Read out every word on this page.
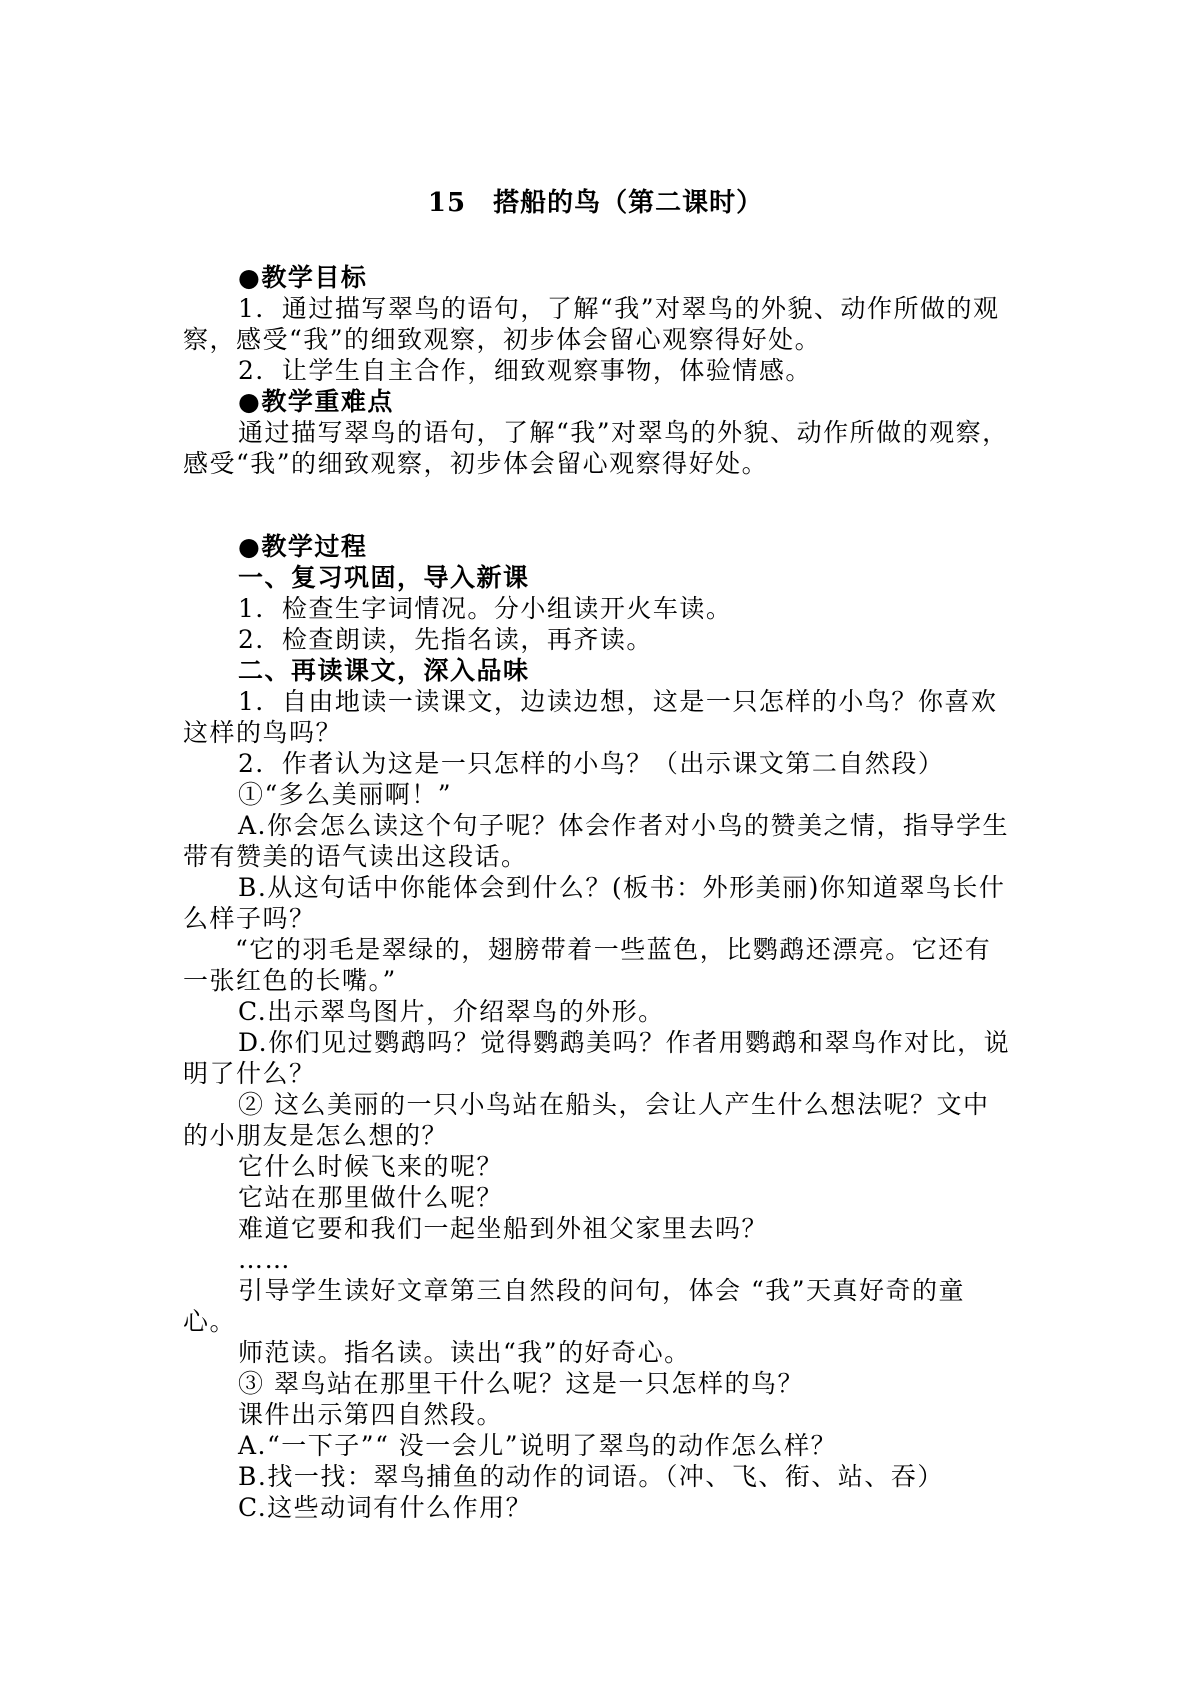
15　搭船的鸟（第二课时）

●教学目标

1．通过描写翠鸟的语句，了解“我”对翠鸟的外貌、动作所做的观察，感受“我”的细致观察，初步体会留心观察得好处。

2．让学生自主合作，细致观察事物，体验情感。

●教学重难点

通过描写翠鸟的语句，了解“我”对翠鸟的外貌、动作所做的观察，感受“我”的细致观察，初步体会留心观察得好处。

●教学过程

一、复习巩固，导入新课

1．检查生字词情况。分小组读开火车读。

2．检查朗读，先指名读，再齐读。

二、再读课文，深入品味

1．自由地读一读课文，边读边想，这是一只怎样的小鸟？你喜欢这样的鸟吗？

2．作者认为这是一只怎样的小鸟？（出示课文第二自然段）

①“多么美丽啊！”

A.你会怎么读这个句子呢？体会作者对小鸟的赞美之情，指导学生带有赞美的语气读出这段话。

B.从这句话中你能体会到什么？(板书：外形美丽)你知道翠鸟长什么样子吗？

“它的羽毛是翠绿的，翅膀带着一些蓝色，比鹦鹉还漂亮。它还有一张红色的长嘴。”

C.出示翠鸟图片，介绍翠鸟的外形。

D.你们见过鹦鹉吗？觉得鹦鹉美吗？作者用鹦鹉和翠鸟作对比，说明了什么？

② 这么美丽的一只小鸟站在船头，会让人产生什么想法呢？文中的小朋友是怎么想的？

它什么时候飞来的呢？

它站在那里做什么呢？

难道它要和我们一起坐船到外祖父家里去吗？

……

引导学生读好文章第三自然段的问句，体会 “我”天真好奇的童心。

师范读。指名读。读出“我”的好奇心。

③ 翠鸟站在那里干什么呢？这是一只怎样的鸟？

课件出示第四自然段。

A.“一下子”“ 没一会儿”说明了翠鸟的动作怎么样？

B.找一找：翠鸟捕鱼的动作的词语。（冲、飞、衔、站、吞）

C.这些动词有什么作用？
